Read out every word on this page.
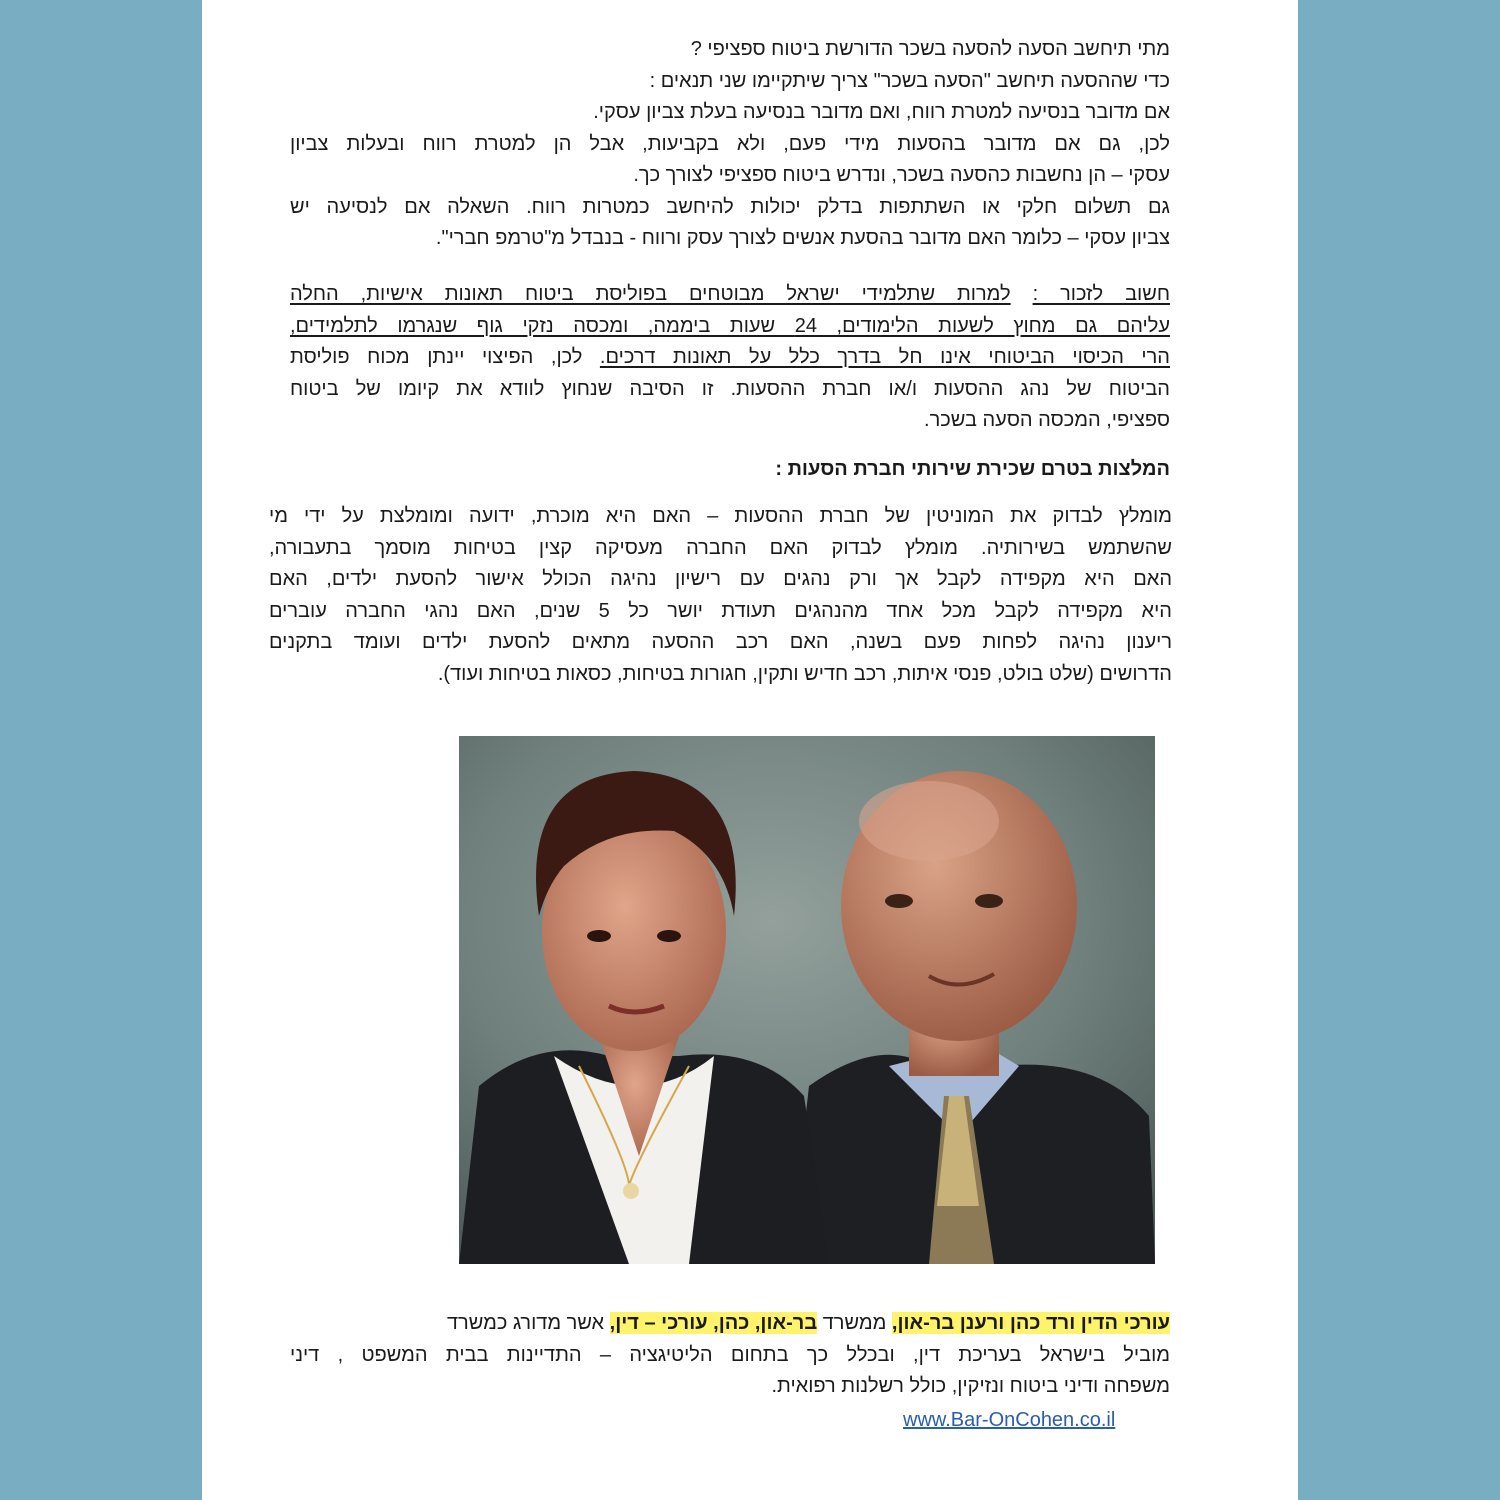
מתי תיחשב הסעה להסעה בשכר הדורשת ביטוח ספציפי ?
כדי שההסעה תיחשב "הסעה בשכר" צריך שיתקיימו שני תנאים :
אם מדובר בנסיעה למטרת רווח, ואם מדובר בנסיעה בעלת צביון עסקי.
לכן, גם אם מדובר בהסעות מידי פעם, ולא בקביעות, אבל הן למטרת רווח ובעלות צביון
עסקי – הן נחשבות כהסעה בשכר, ונדרש ביטוח ספציפי לצורך כך.
גם תשלום חלקי או השתתפות בדלק יכולות להיחשב כמטרות רווח. השאלה אם לנסיעה יש
צביון עסקי – כלומר האם מדובר בהסעת אנשים לצורך עסק ורווח - בנבדל מ"טרמפ חברי".
חשוב לזכור : למרות שתלמידי ישראל מבוטחים בפוליסת ביטוח תאונות אישיות, החלה
עליהם גם מחוץ לשעות הלימודים, 24 שעות ביממה, ומכסה נזקי גוף שנגרמו לתלמידים,
הרי הכיסוי הביטוחי אינו חל בדרך כלל על תאונות דרכים. לכן, הפיצוי יינתן מכוח פוליסת
הביטוח של נהג ההסעות ו/או חברת ההסעות. זו הסיבה שנחוץ לוודא את קיומו של ביטוח
ספציפי, המכסה הסעה בשכר.
המלצות בטרם שכירת שירותי חברת הסעות :
מומלץ לבדוק את המוניטין של חברת ההסעות – האם היא מוכרת, ידועה ומומלצת על ידי מי
שהשתמש בשירותיה. מומלץ לבדוק האם החברה מעסיקה קצין בטיחות מוסמך בתעבורה,
האם היא מקפידה לקבל אך ורק נהגים עם רישיון נהיגה הכולל אישור להסעת ילדים, האם
היא מקפידה לקבל מכל אחד מהנהגים תעודת יושר כל 5 שנים, האם נהגי החברה עוברים
ריענון נהיגה לפחות פעם בשנה, האם רכב ההסעה מתאים להסעת ילדים ועומד בתקנים
הדרושים (שלט בולט, פנסי איתות, רכב חדיש ותקין, חגורות בטיחות, כסאות בטיחות ועוד).
עורכי הדין ורד כהן ורענן בר-און, ממשרד בר-און, כהן, עורכי – דין, אשר מדורג כמשרד
מוביל בישראל בעריכת דין, ובכלל כך בתחום הליטיגציה – התדיינות בבית המשפט , דיני
משפחה ודיני ביטוח ונזיקין, כולל רשלנות רפואית.
www.Bar-OnCohen.co.il
